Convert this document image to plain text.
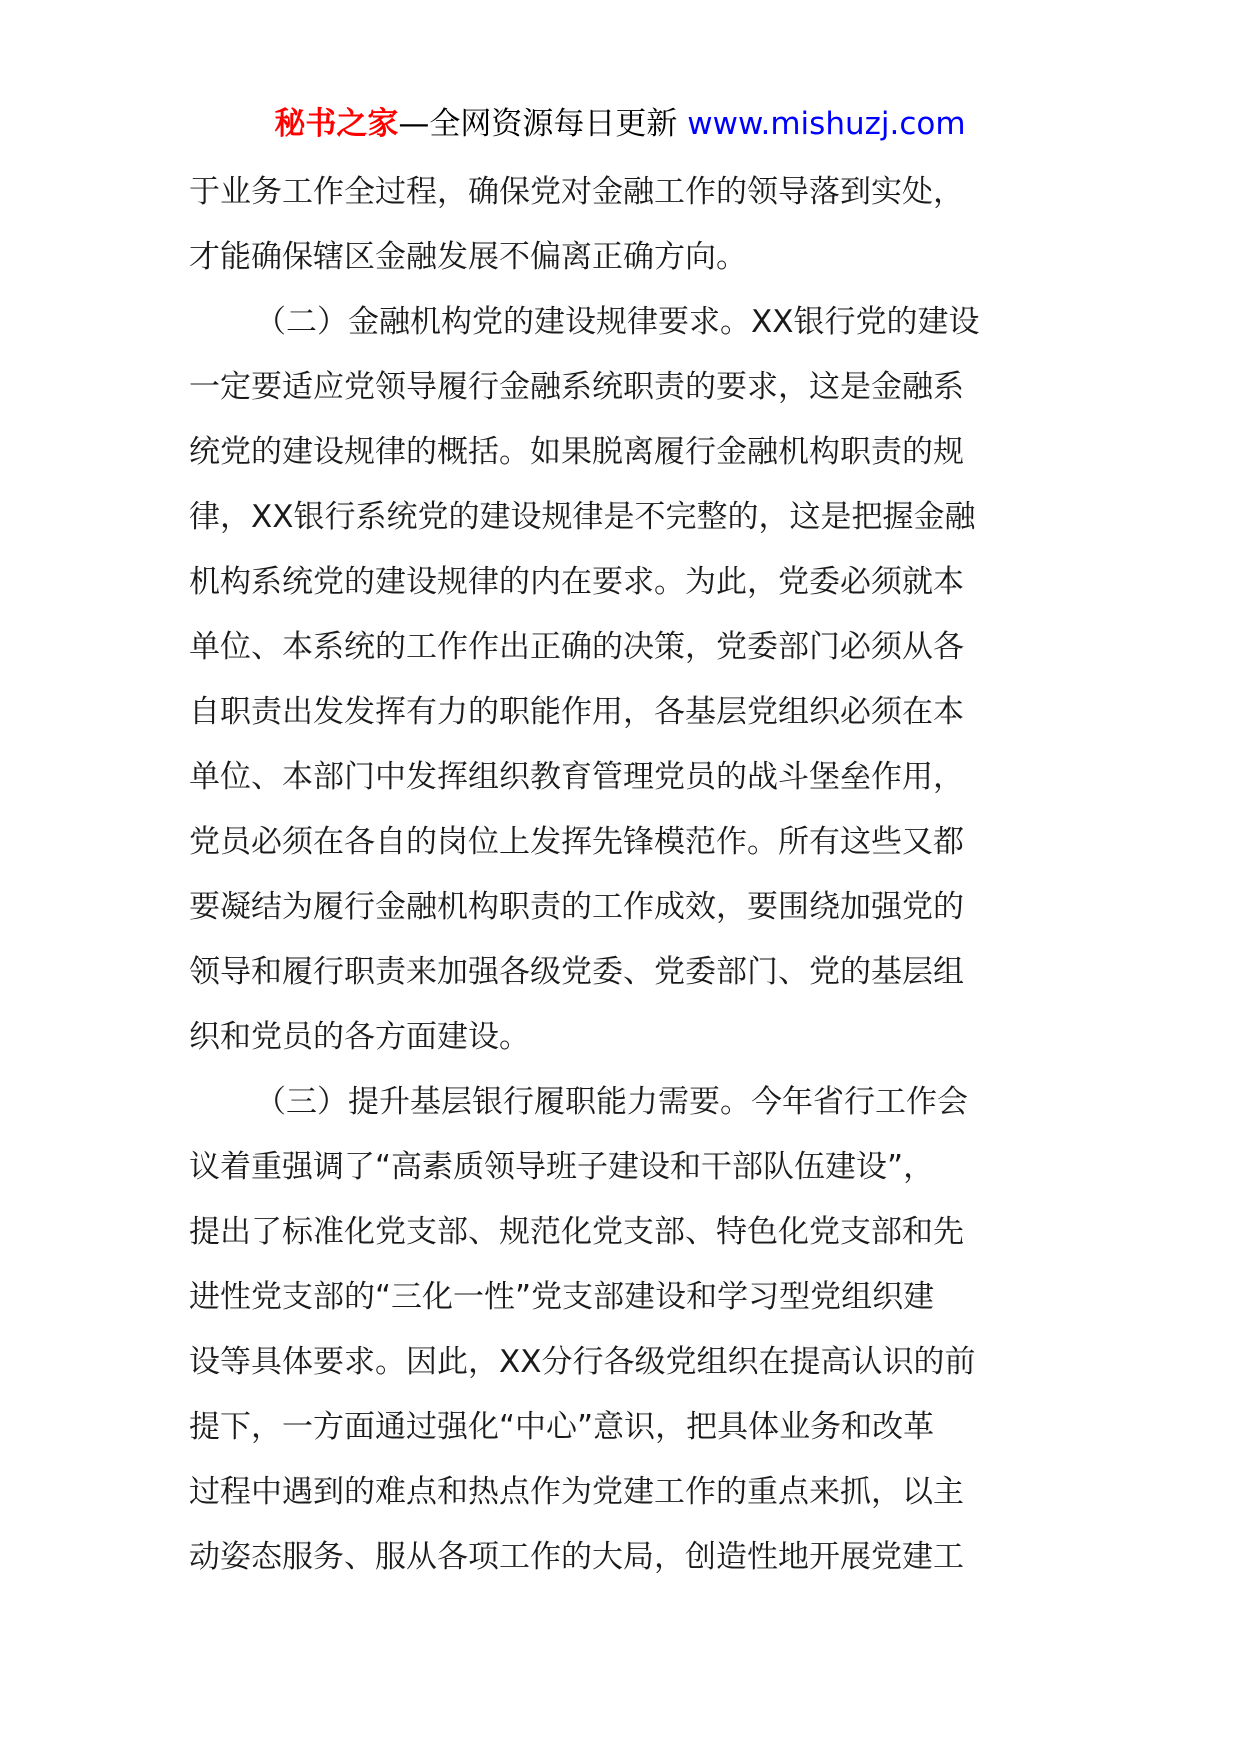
秘书之家—全网资源每日更新 www.mishuzj.com
于业务工作全过程，确保党对金融工作的领导落到实处，
才能确保辖区金融发展不偏离正确方向。
（二）金融机构党的建设规律要求。XX银行党的建设
一定要适应党领导履行金融系统职责的要求，这是金融系
统党的建设规律的概括。如果脱离履行金融机构职责的规
律，XX银行系统党的建设规律是不完整的，这是把握金融
机构系统党的建设规律的内在要求。为此，党委必须就本
单位、本系统的工作作出正确的决策，党委部门必须从各
自职责出发发挥有力的职能作用，各基层党组织必须在本
单位、本部门中发挥组织教育管理党员的战斗堡垒作用，
党员必须在各自的岗位上发挥先锋模范作。所有这些又都
要凝结为履行金融机构职责的工作成效，要围绕加强党的
领导和履行职责来加强各级党委、党委部门、党的基层组
织和党员的各方面建设。
（三）提升基层银行履职能力需要。今年省行工作会
议着重强调了“高素质领导班子建设和干部队伍建设”，
提出了标准化党支部、规范化党支部、特色化党支部和先
进性党支部的“三化一性”党支部建设和学习型党组织建
设等具体要求。因此，XX分行各级党组织在提高认识的前
提下，一方面通过强化“中心”意识，把具体业务和改革
过程中遇到的难点和热点作为党建工作的重点来抓，以主
动姿态服务、服从各项工作的大局，创造性地开展党建工
